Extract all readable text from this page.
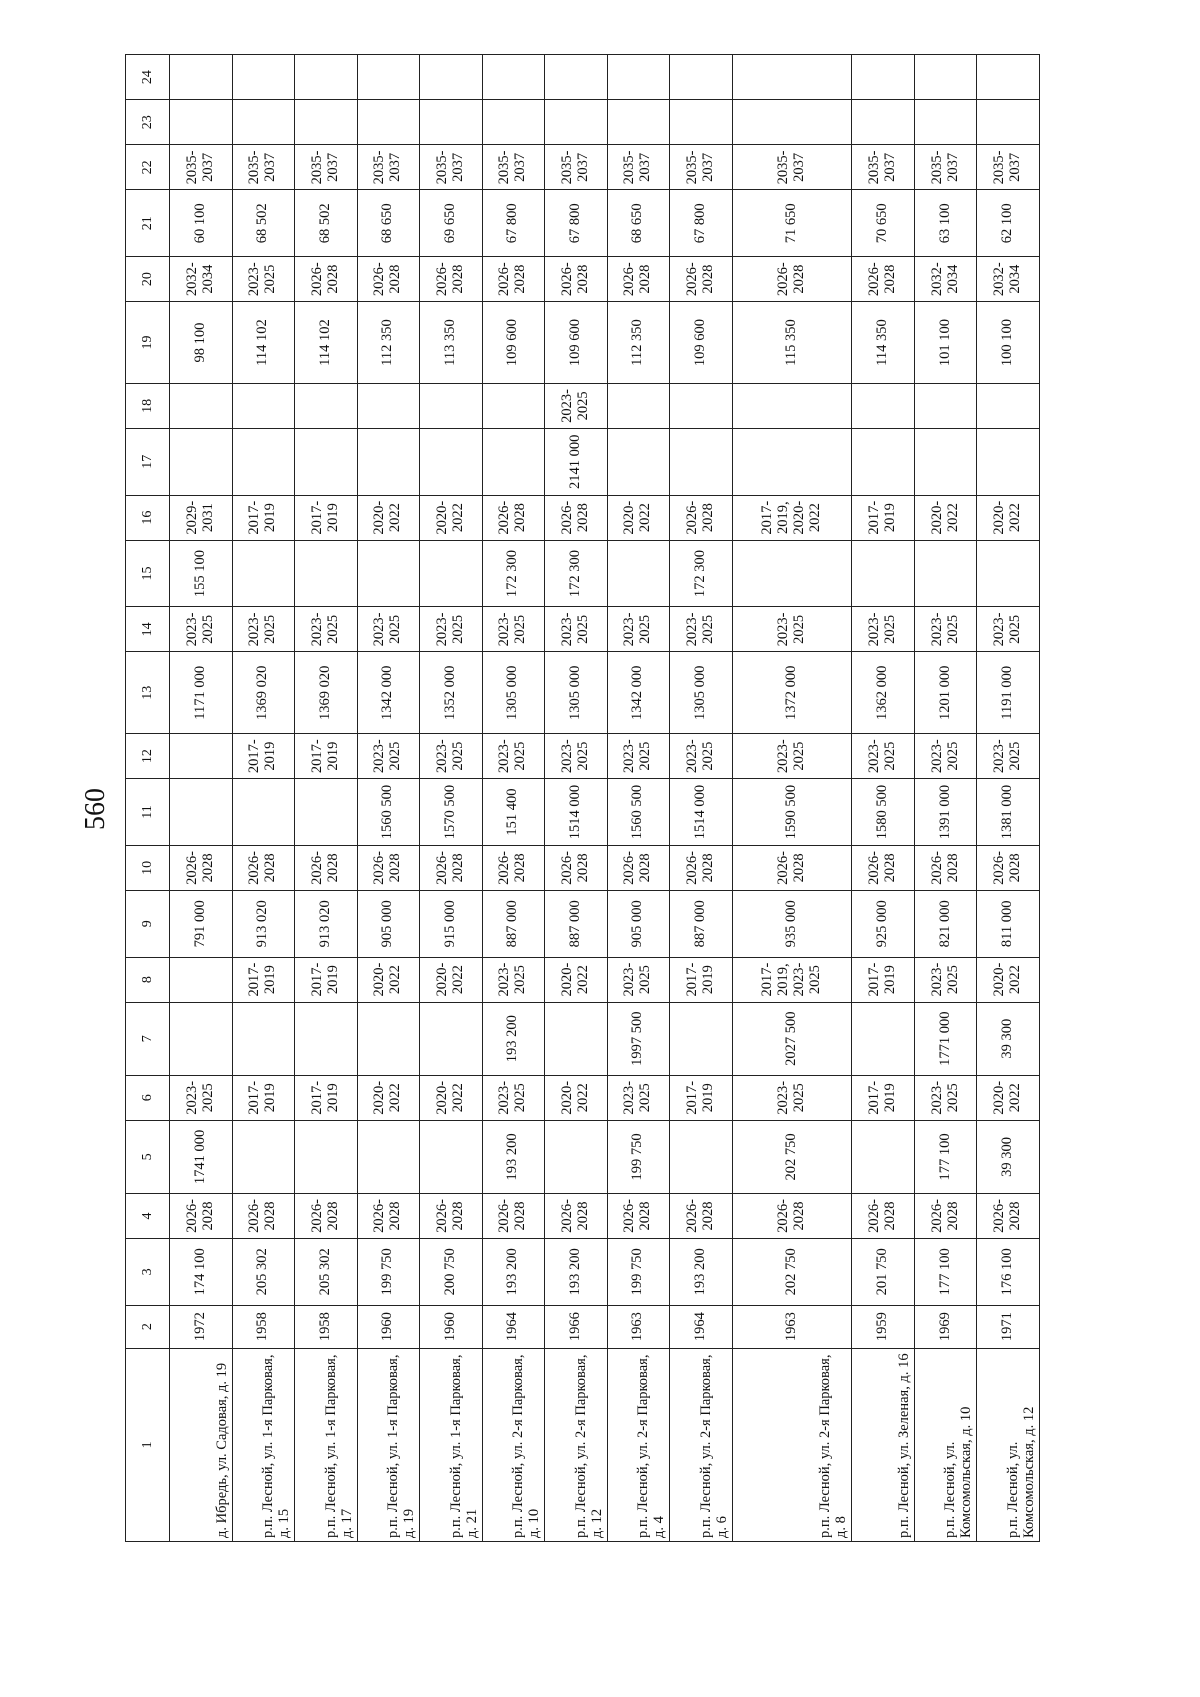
560
1	2	3	4	5	6	7	8	9	10	11	12	13	14	15	16	17	18	19	20	21	22	23	24
д. Ибредь, ул. Садовая, д. 19	1972	174 100	2026-2028	1741 000	2023-2025			791 000	2026-2028			1171 000	2023-2025	155 100	2029-2031			98 100	2032-2034	60 100	2035-2037		
р.п. Лесной, ул. 1-я Парковая, д. 15	1958	205 302	2026-2028		2017-2019		2017-2019	913 020	2026-2028		2017-2019	1369 020	2023-2025		2017-2019			114 102	2023-2025	68 502	2035-2037		
р.п. Лесной, ул. 1-я Парковая, д. 17	1958	205 302	2026-2028		2017-2019		2017-2019	913 020	2026-2028		2017-2019	1369 020	2023-2025		2017-2019			114 102	2026-2028	68 502	2035-2037		
р.п. Лесной, ул. 1-я Парковая, д. 19	1960	199 750	2026-2028		2020-2022		2020-2022	905 000	2026-2028	1560 500	2023-2025	1342 000	2023-2025		2020-2022			112 350	2026-2028	68 650	2035-2037		
р.п. Лесной, ул. 1-я Парковая, д. 21	1960	200 750	2026-2028		2020-2022		2020-2022	915 000	2026-2028	1570 500	2023-2025	1352 000	2023-2025		2020-2022			113 350	2026-2028	69 650	2035-2037		
р.п. Лесной, ул. 2-я Парковая, д. 10	1964	193 200	2026-2028	193 200	2023-2025	193 200	2023-2025	887 000	2026-2028	151 400	2023-2025	1305 000	2023-2025	172 300	2026-2028			109 600	2026-2028	67 800	2035-2037		
р.п. Лесной, ул. 2-я Парковая, д. 12	1966	193 200	2026-2028		2020-2022		2020-2022	887 000	2026-2028	1514 000	2023-2025	1305 000	2023-2025	172 300	2026-2028	2141 000	2023-2025	109 600	2026-2028	67 800	2035-2037		
р.п. Лесной, ул. 2-я Парковая, д. 4	1963	199 750	2026-2028	199 750	2023-2025	1997 500	2023-2025	905 000	2026-2028	1560 500	2023-2025	1342 000	2023-2025		2020-2022			112 350	2026-2028	68 650	2035-2037		
р.п. Лесной, ул. 2-я Парковая, д. 6	1964	193 200	2026-2028		2017-2019		2017-2019	887 000	2026-2028	1514 000	2023-2025	1305 000	2023-2025	172 300	2026-2028			109 600	2026-2028	67 800	2035-2037		
р.п. Лесной, ул. 2-я Парковая, д. 8	1963	202 750	2026-2028	202 750	2023-2025	2027 500	2017-2019, 2023-2025	935 000	2026-2028	1590 500	2023-2025	1372 000	2023-2025		2017-2019, 2020-2022			115 350	2026-2028	71 650	2035-2037		
р.п. Лесной, ул. Зеленая, д. 16	1959	201 750	2026-2028		2017-2019		2017-2019	925 000	2026-2028	1580 500	2023-2025	1362 000	2023-2025		2017-2019			114 350	2026-2028	70 650	2035-2037		
р.п. Лесной, ул. Комсомольская, д. 10	1969	177 100	2026-2028	177 100	2023-2025	1771 000	2023-2025	821 000	2026-2028	1391 000	2023-2025	1201 000	2023-2025		2020-2022			101 100	2032-2034	63 100	2035-2037		
р.п. Лесной, ул. Комсомольская, д. 12	1971	176 100	2026-2028	39 300	2020-2022	39 300	2020-2022	811 000	2026-2028	1381 000	2023-2025	1191 000	2023-2025		2020-2022			100 100	2032-2034	62 100	2035-2037		
